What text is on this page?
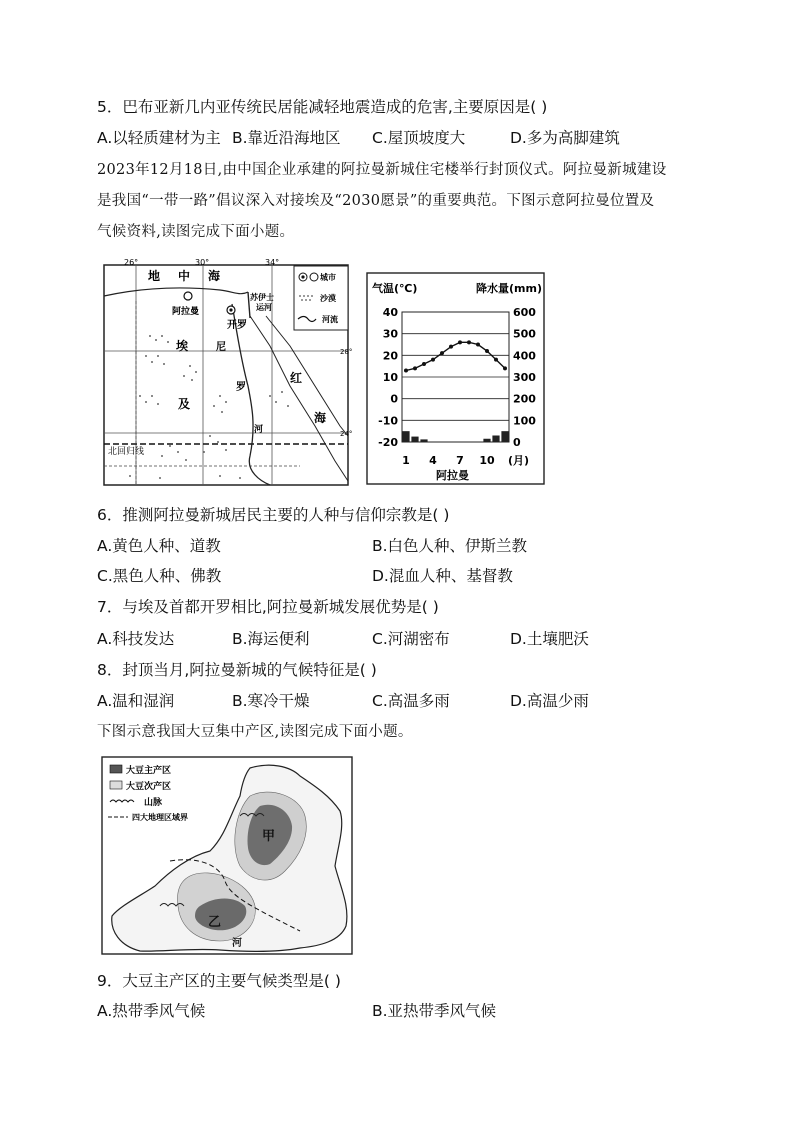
5．巴布亚新几内亚传统民居能减轻地震造成的危害,主要原因是( )
A.以轻质建材为主 B.靠近沿海地区 C.屋顶坡度大	D.多为高脚建筑
2023年12月18日,由中国企业承建的阿拉曼新城住宅楼举行封顶仪式。阿拉曼新城建设
是我国“一带一路”倡议深入对接埃及“2030愿景”的重要典范。下图示意阿拉曼位置及
气候资料,读图完成下面小题。
26°	30°	34°
28°
24°
北回归线
地 中 海
阿拉曼
开罗
苏伊士
运河
埃
及
尼
罗
河
红
海
城市
沙漠
河流
气温(℃)	降水量(mm)
40
30
20
10
0
-10
-20
600
500
400
300
200
100
0
1 4 7 10 (月)
阿拉曼
6．推测阿拉曼新城居民主要的人种与信仰宗教是( )
A.黄色人种、道教	B.白色人种、伊斯兰教
C.黑色人种、佛教	D.混血人种、基督教
7．与埃及首都开罗相比,阿拉曼新城发展优势是( )
A.科技发达	B.海运便利	C.河湖密布	D.土壤肥沃
8．封顶当月,阿拉曼新城的气候特征是( )
A.温和湿润	B.寒冷干燥	C.高温多雨	D.高温少雨
下图示意我国大豆集中产区,读图完成下面小题。
甲
乙
河
大豆主产区
大豆次产区
山脉
四大地理区域界
9．大豆主产区的主要气候类型是( )
A.热带季风气候	B.亚热带季风气候
